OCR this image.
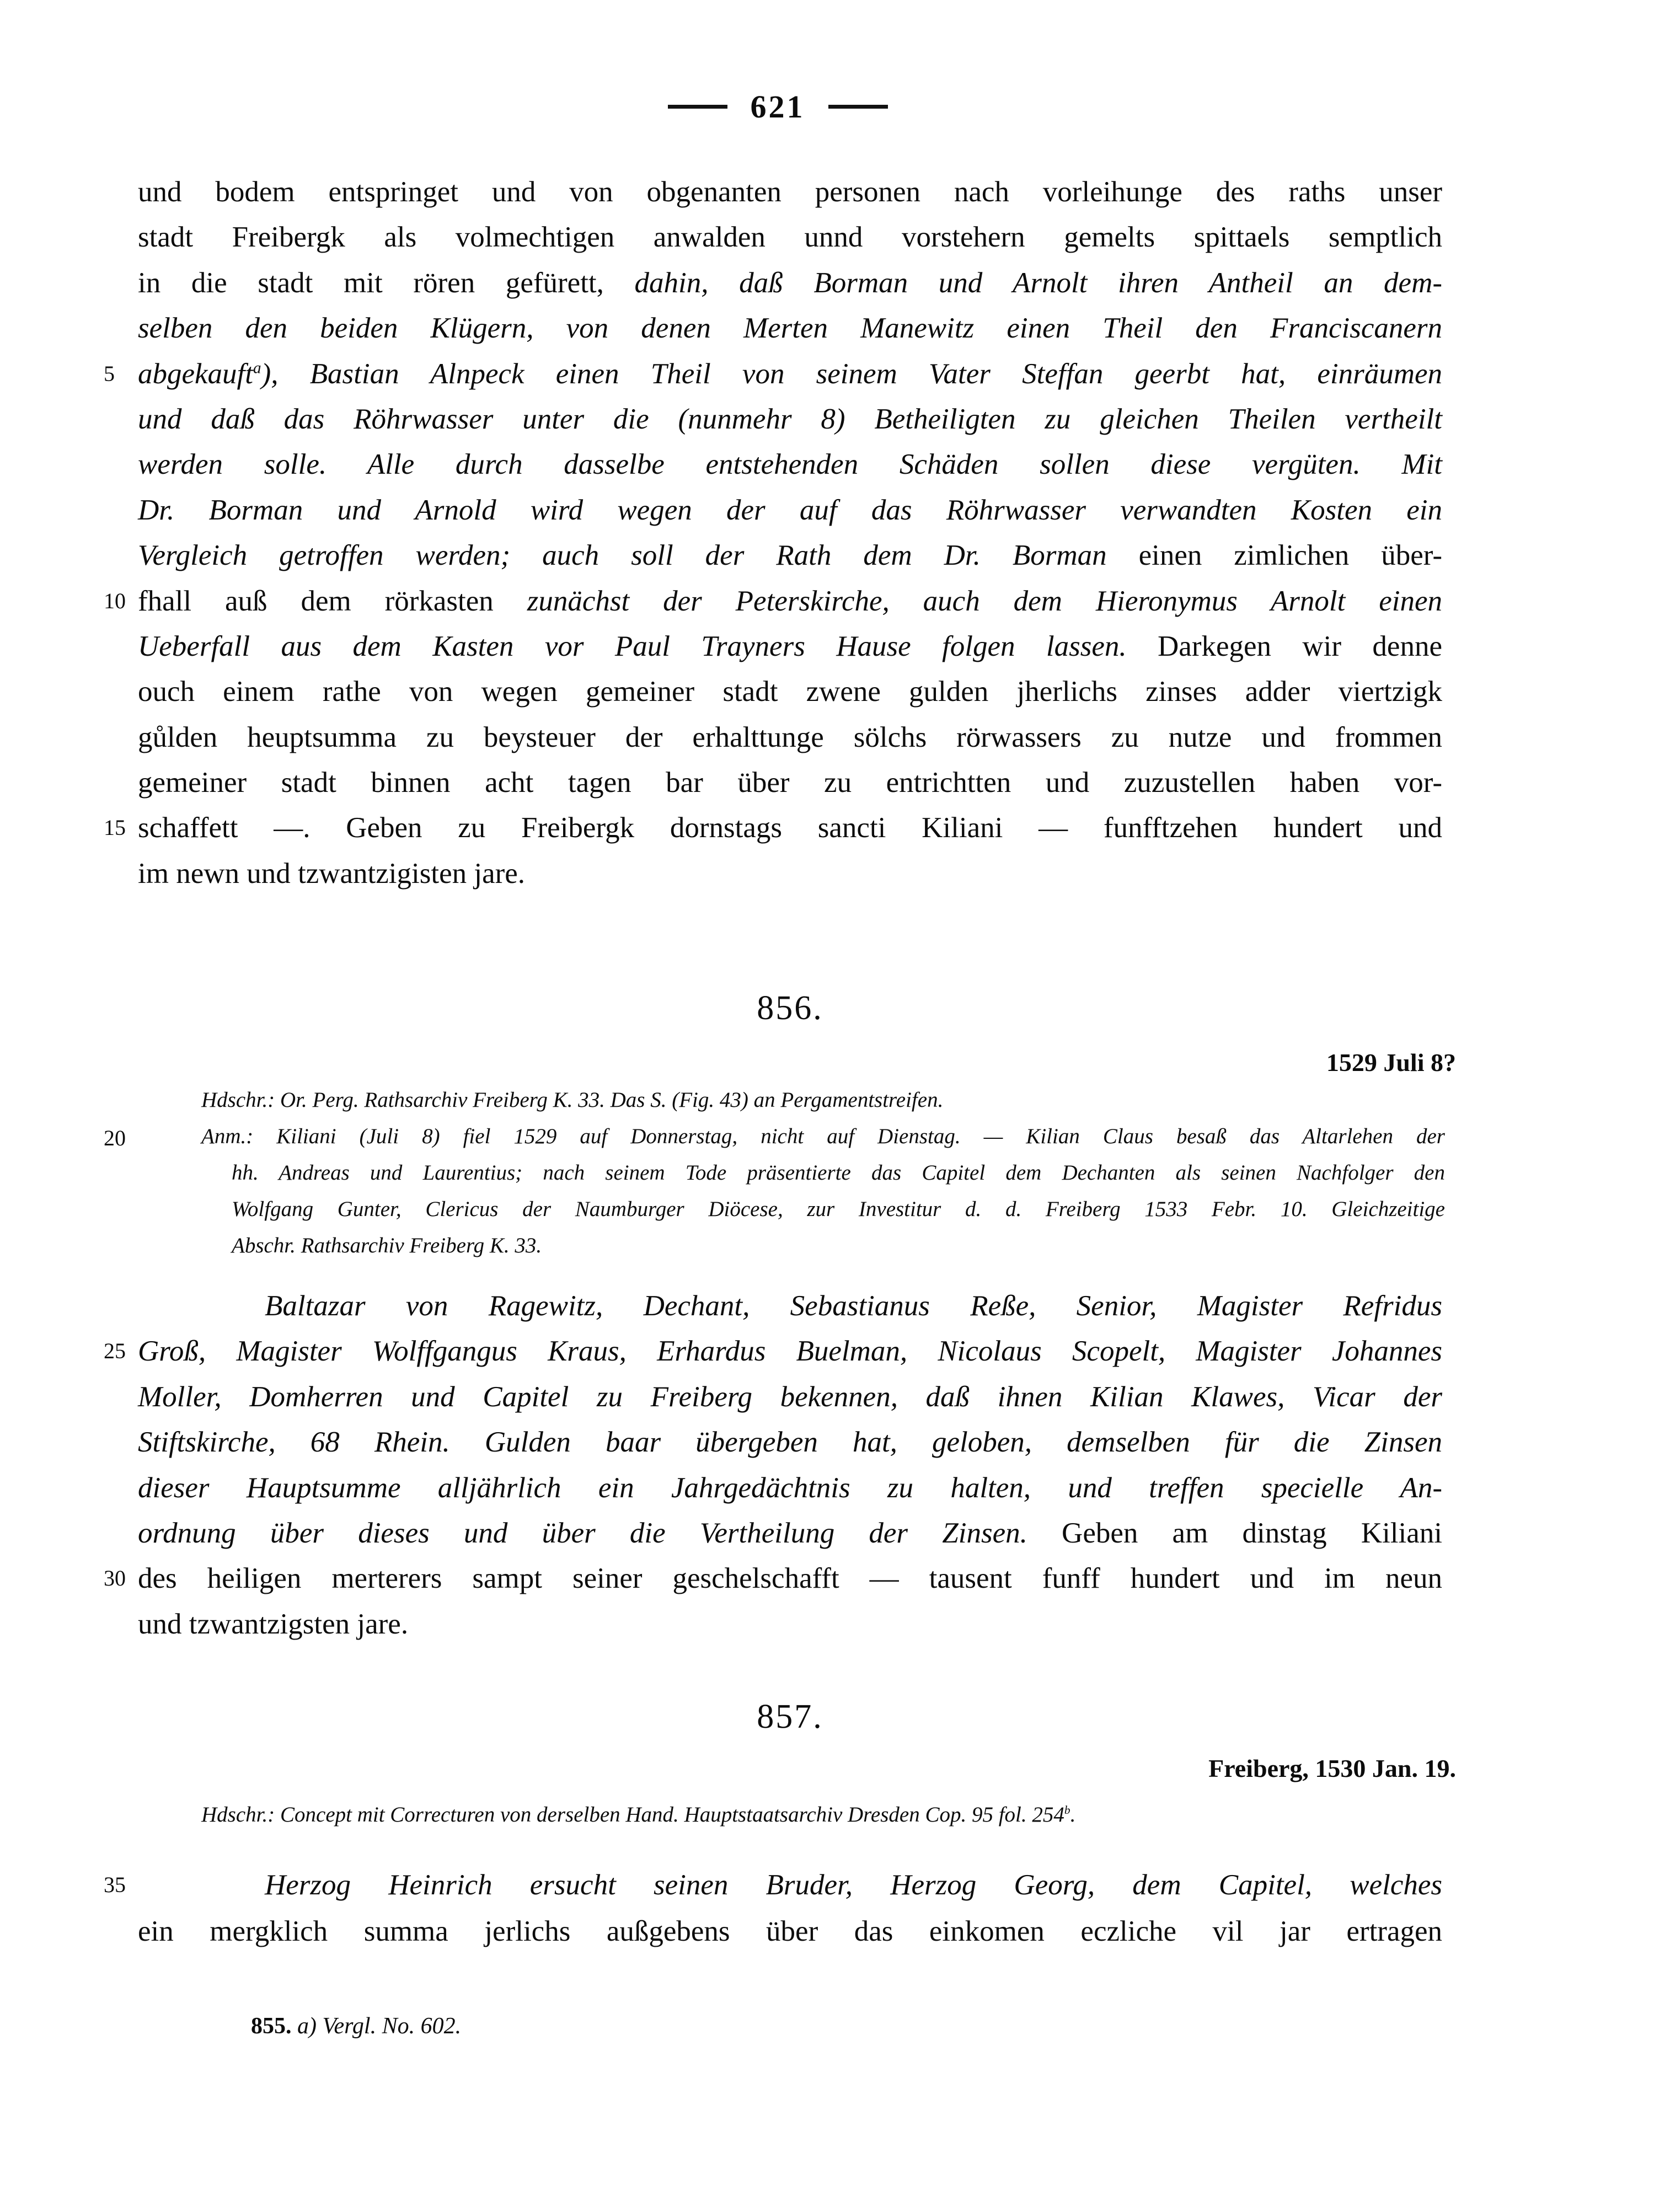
621
und bodem entspringet und von obgenanten personen nach vorleihunge des raths unser
stadt Freibergk als volmechtigen anwalden unnd vorstehern gemelts spittaels semptlich
in die stadt mit rören gefürett, dahin, daß Borman und Arnolt ihren Antheil an dem-
selben den beiden Klügern, von denen Merten Manewitz einen Theil den Franciscanern
5 abgekauft$^a$), Bastian Alnpeck einen Theil von seinem Vater Steffan geerbt hat, einräumen
und daß das Röhrwasser unter die (nunmehr 8) Betheiligten zu gleichen Theilen vertheilt
werden solle. Alle durch dasselbe entstehenden Schäden sollen diese vergüten. Mit
Dr. Borman und Arnold wird wegen der auf das Röhrwasser verwandten Kosten ein
Vergleich getroffen werden; auch soll der Rath dem Dr. Borman einen zimlichen über-
10 fhall auß dem rörkasten zunächst der Peterskirche, auch dem Hieronymus Arnolt einen
Ueberfall aus dem Kasten vor Paul Trayners Hause folgen lassen. Darkegen wir denne
ouch einem rathe von wegen gemeiner stadt zwene gulden jherlichs zinses adder viertzigk
gůlden heuptsumma zu beysteuer der erhalttunge sölchs rörwassers zu nutze und frommen
gemeiner stadt binnen acht tagen bar über zu entrichtten und zuzustellen haben vor-
15 schaffett —. Geben zu Freibergk dornstags sancti Kiliani — funfftzehen hundert und
im newn und tzwantzigisten jare.
856.
1529 Juli 8?
Hdschr.: Or. Perg. Rathsarchiv Freiberg K. 33. Das S. (Fig. 43) an Pergamentstreifen.
20	Anm.: Kiliani (Juli 8) fiel 1529 auf Donnerstag, nicht auf Dienstag. — Kilian Claus besaß das Altarlehen der
hh. Andreas und Laurentius; nach seinem Tode präsentierte das Capitel dem Dechanten als seinen Nachfolger den
Wolfgang Gunter, Clericus der Naumburger Diöcese, zur Investitur d. d. Freiberg 1533 Febr. 10. Gleichzeitige
Abschr. Rathsarchiv Freiberg K. 33.
Baltazar von Ragewitz, Dechant, Sebastianus Reße, Senior, Magister Refridus
25 Groß, Magister Wolffgangus Kraus, Erhardus Buelman, Nicolaus Scopelt, Magister Johannes
Moller, Domherren und Capitel zu Freiberg bekennen, daß ihnen Kilian Klawes, Vicar der
Stiftskirche, 68 Rhein. Gulden baar übergeben hat, geloben, demselben für die Zinsen
dieser Hauptsumme alljährlich ein Jahrgedächtnis zu halten, und treffen specielle An-
ordnung über dieses und über die Vertheilung der Zinsen. Geben am dinstag Kiliani
30 des heiligen merterers sampt seiner geschelschafft — tausent funff hundert und im neun
und tzwantzigsten jare.
857.
Freiberg, 1530 Jan. 19.
Hdschr.: Concept mit Correcturen von derselben Hand. Hauptstaatsarchiv Dresden Cop. 95 fol. 254$^b$.
35	Herzog Heinrich ersucht seinen Bruder, Herzog Georg, dem Capitel, welches
ein mergklich summa jerlichs außgebens über das einkomen eczliche vil jar ertragen
855. a) Vergl. No. 602.
